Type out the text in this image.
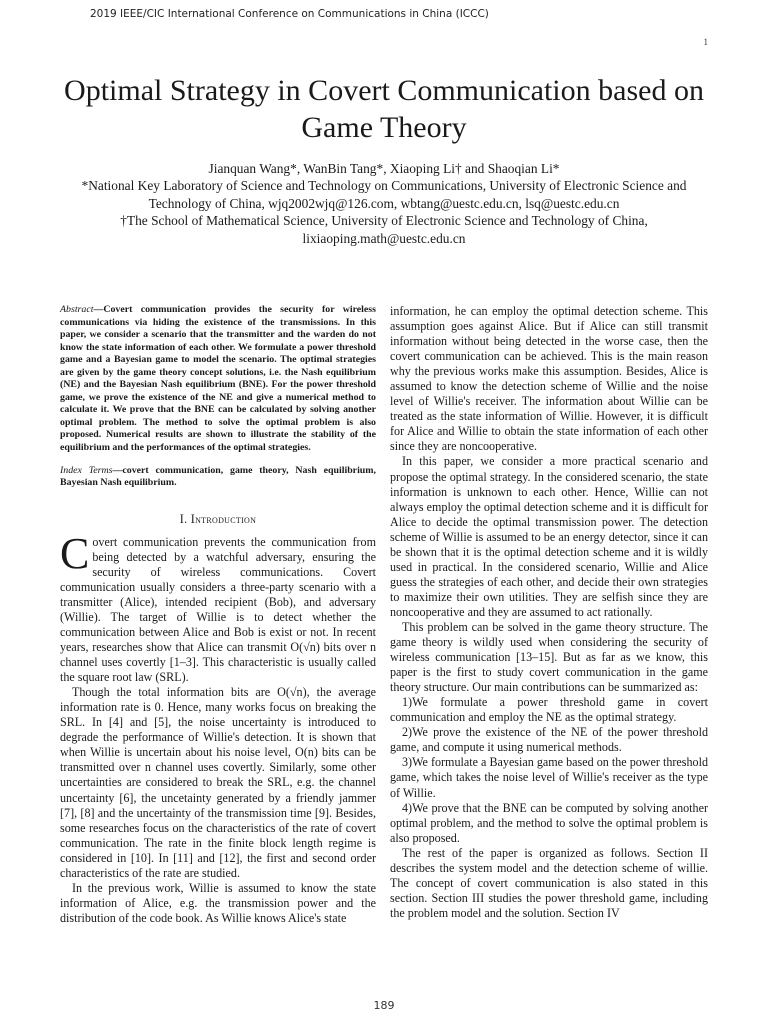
2019 IEEE/CIC International Conference on Communications in China (ICCC)
1
Optimal Strategy in Covert Communication based on Game Theory
Jianquan Wang*, WanBin Tang*, Xiaoping Li† and Shaoqian Li*
*National Key Laboratory of Science and Technology on Communications, University of Electronic Science and
Technology of China, wjq2002wjq@126.com, wbtang@uestc.edu.cn, lsq@uestc.edu.cn
†The School of Mathematical Science, University of Electronic Science and Technology of China,
lixiaoping.math@uestc.edu.cn
Abstract—Covert communication provides the security for wireless communications via hiding the existence of the transmissions. In this paper, we consider a scenario that the transmitter and the warden do not know the state information of each other. We formulate a power threshold game and a Bayesian game to model the scenario. The optimal strategies are given by the game theory concept solutions, i.e. the Nash equilibrium (NE) and the Bayesian Nash equilibrium (BNE). For the power threshold game, we prove the existence of the NE and give a numerical method to calculate it. We prove that the BNE can be calculated by solving another optimal problem. The method to solve the optimal problem is also proposed. Numerical results are shown to illustrate the stability of the equilibrium and the performances of the optimal strategies.
Index Terms—covert communication, game theory, Nash equilibrium, Bayesian Nash equilibrium.
I. Introduction

Covert communication prevents the communication from being detected by a watchful adversary, ensuring the security of wireless communications. Covert communication usually considers a three-party scenario with a transmitter (Alice), intended recipient (Bob), and adversary (Willie). The target of Willie is to detect whether the communication between Alice and Bob is exist or not. In recent years, researches show that Alice can transmit O(√n) bits over n channel uses covertly [1–3]. This characteristic is usually called the square root law (SRL).

Though the total information bits are O(√n), the average information rate is 0. Hence, many works focus on breaking the SRL. In [4] and [5], the noise uncertainty is introduced to degrade the performance of Willie's detection. It is shown that when Willie is uncertain about his noise level, O(n) bits can be transmitted over n channel uses covertly. Similarly, some other uncertainties are considered to break the SRL, e.g. the channel uncertainty [6], the uncetainty generated by a friendly jammer [7], [8] and the uncertainty of the transmission time [9]. Besides, some researches focus on the characteristics of the rate of covert communication. The rate in the finite block length regime is considered in [10]. In [11] and [12], the first and second order characteristics of the rate are studied.

In the previous work, Willie is assumed to know the state information of Alice, e.g. the transmission power and the distribution of the code book. As Willie knows Alice's state

information, he can employ the optimal detection scheme. This assumption goes against Alice. But if Alice can still transmit information without being detected in the worse case, then the covert communication can be achieved. This is the main reason why the previous works make this assumption. Besides, Alice is assumed to know the detection scheme of Willie and the noise level of Willie's receiver. The information about Willie can be treated as the state information of Willie. However, it is difficult for Alice and Willie to obtain the state information of each other since they are noncooperative.

In this paper, we consider a more practical scenario and propose the optimal strategy. In the considered scenario, the state information is unknown to each other. Hence, Willie can not always employ the optimal detection scheme and it is difficult for Alice to decide the optimal transmission power. The detection scheme of Willie is assumed to be an energy detector, since it can be shown that it is the optimal detection scheme and it is wildly used in practical. In the considered scenario, Willie and Alice guess the strategies of each other, and decide their own strategies to maximize their own utilities. They are selfish since they are noncooperative and they are assumed to act rationally.

This problem can be solved in the game theory structure. The game theory is wildly used when considering the security of wireless communication [13–15]. But as far as we know, this paper is the first to study covert communication in the game theory structure. Our main contributions can be summarized as:

1)We formulate a power threshold game in covert communication and employ the NE as the optimal strategy.

2)We prove the existence of the NE of the power threshold game, and compute it using numerical methods.

3)We formulate a Bayesian game based on the power threshold game, which takes the noise level of Willie's receiver as the type of Willie.

4)We prove that the BNE can be computed by solving another optimal problem, and the method to solve the optimal problem is also proposed.

The rest of the paper is organized as follows. Section II describes the system model and the detection scheme of willie. The concept of covert communication is also stated in this section. Section III studies the power threshold game, including the problem model and the solution. Section IV

189
